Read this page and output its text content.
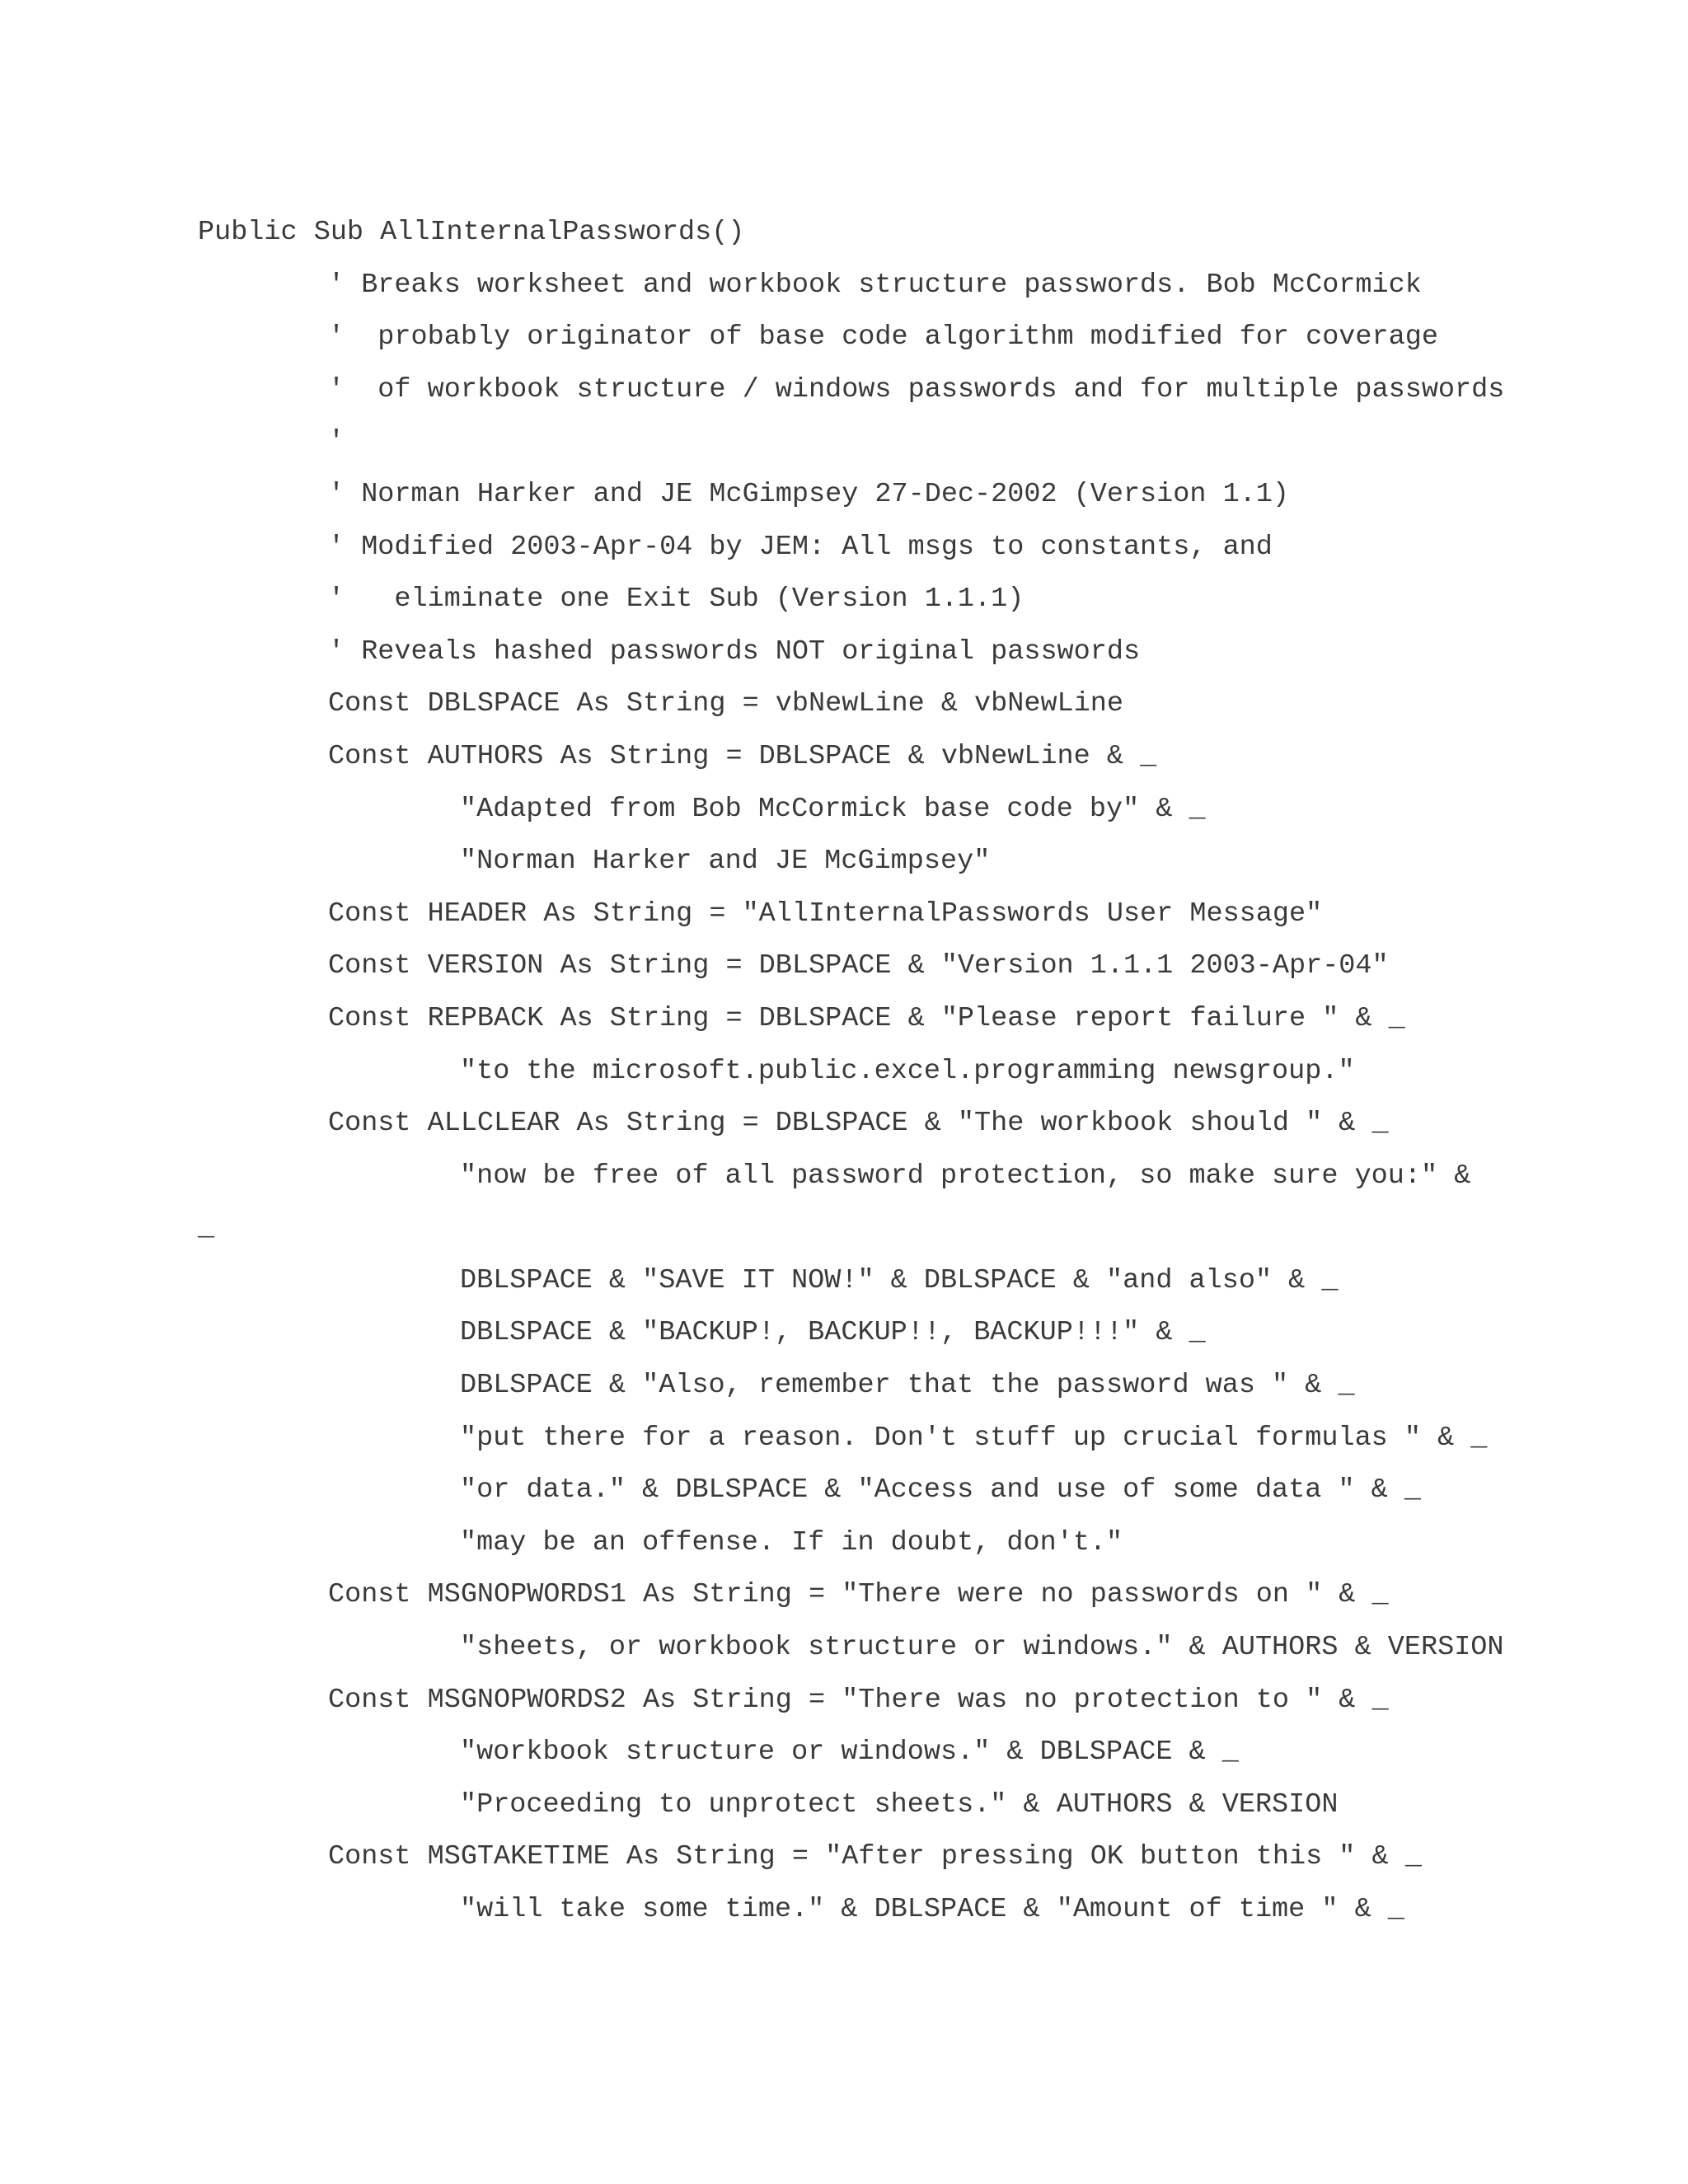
Public Sub AllInternalPasswords()
' Breaks worksheet and workbook structure passwords. Bob McCormick
'  probably originator of base code algorithm modified for coverage
'  of workbook structure / windows passwords and for multiple passwords
'
' Norman Harker and JE McGimpsey 27-Dec-2002 (Version 1.1)
' Modified 2003-Apr-04 by JEM: All msgs to constants, and
'   eliminate one Exit Sub (Version 1.1.1)
' Reveals hashed passwords NOT original passwords
Const DBLSPACE As String = vbNewLine & vbNewLine
Const AUTHORS As String = DBLSPACE & vbNewLine & _
"Adapted from Bob McCormick base code by" & _
"Norman Harker and JE McGimpsey"
Const HEADER As String = "AllInternalPasswords User Message"
Const VERSION As String = DBLSPACE & "Version 1.1.1 2003-Apr-04"
Const REPBACK As String = DBLSPACE & "Please report failure " & _
"to the microsoft.public.excel.programming newsgroup."
Const ALLCLEAR As String = DBLSPACE & "The workbook should " & _
"now be free of all password protection, so make sure you:" &
_
DBLSPACE & "SAVE IT NOW!" & DBLSPACE & "and also" & _
DBLSPACE & "BACKUP!, BACKUP!!, BACKUP!!!" & _
DBLSPACE & "Also, remember that the password was " & _
"put there for a reason. Don't stuff up crucial formulas " & _
"or data." & DBLSPACE & "Access and use of some data " & _
"may be an offense. If in doubt, don't."
Const MSGNOPWORDS1 As String = "There were no passwords on " & _
"sheets, or workbook structure or windows." & AUTHORS & VERSION
Const MSGNOPWORDS2 As String = "There was no protection to " & _
"workbook structure or windows." & DBLSPACE & _
"Proceeding to unprotect sheets." & AUTHORS & VERSION
Const MSGTAKETIME As String = "After pressing OK button this " & _
"will take some time." & DBLSPACE & "Amount of time " & _
